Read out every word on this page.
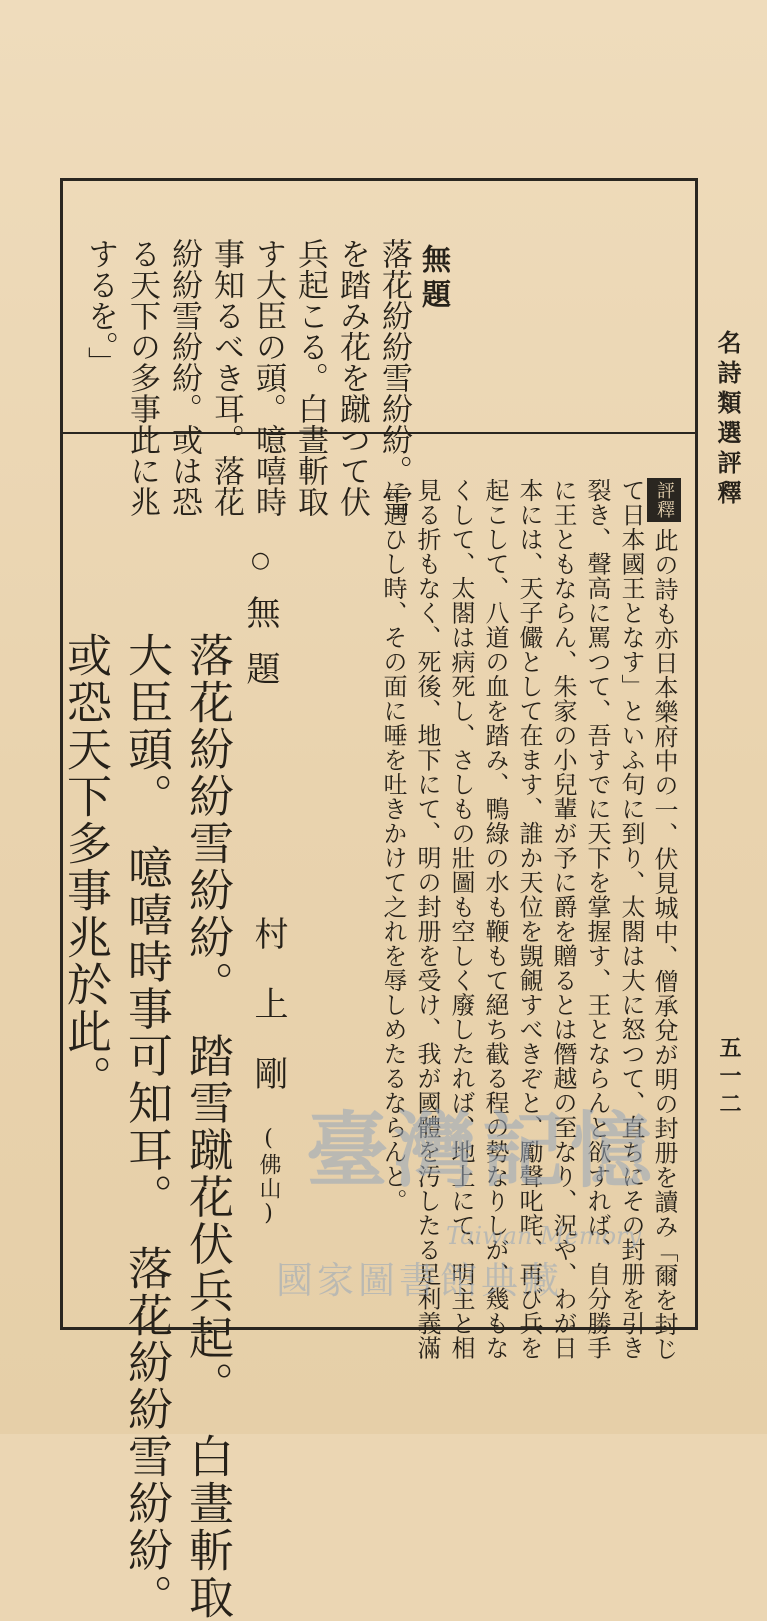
名詩類選評釋
五一二
無題
落花紛紛雪紛紛。雪
を踏み花を蹴つて伏
兵起こる。白晝斬取
す大臣の頭。噫嘻時
事知るべき耳。落花
紛紛雪紛紛。或は恐
る天下の多事此に兆
するを。」
評釋此の詩も亦日本樂府中の一、伏見城中、僧承兌が明の封册を讀み「爾を封じ
て日本國王となす」といふ句に到り、太閤は大に怒つて、直ちにその封册を引き
裂き、聲高に罵つて、吾すでに天下を掌握す、王とならんと欲すれば、自分勝手
に王ともならん、朱家の小兒輩が予に爵を贈るとは僭越の至なり、況や、わが日
本には、天子儼として在ます、誰か天位を覬覦すべきぞと、勵聲叱咤、再び兵を
起こして、八道の血を踏み、鴨綠の水も鞭もて絕ち截る程の勢なりしが、幾もな
くして、太閤は病死し、さしもの壯圖も空しく廢したれば、地上にて、明主と相
見る折もなく、死後、地下にて、明の封册を受け、我が國體を汚したる足利義滿
に遇ひし時、その面に唾を吐きかけて之れを辱しめたるならんと。
○無題
村上剛(佛山)
落花紛紛雪紛紛。　踏雪蹴花伏兵起。　白晝斬取
大臣頭。　噫嘻時事可知耳。　落花紛紛雪紛紛。
或恐天下多事兆於此。
臺灣記憶
Taiwan Memory
國家圖書館典藏
